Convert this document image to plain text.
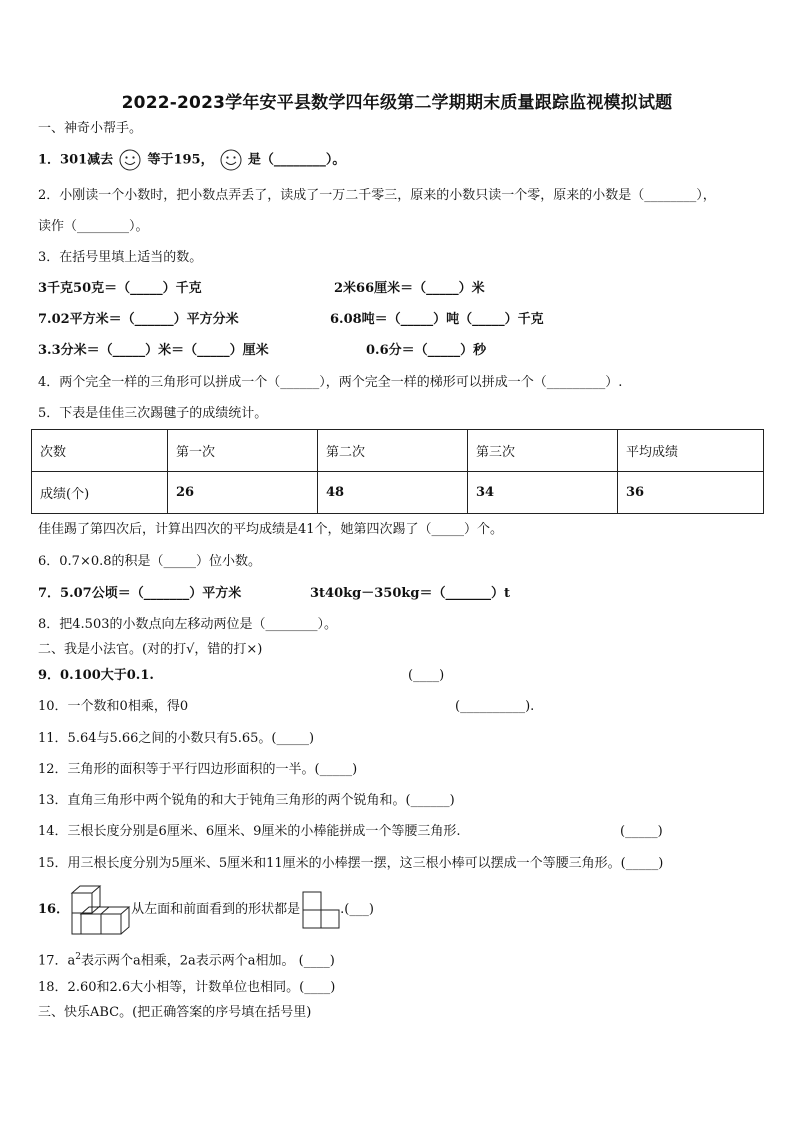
2022-2023学年安平县数学四年级第二学期期末质量跟踪监视模拟试题
一、神奇小帮手。
1．301减去	等于195，	是（________）。
2．小刚读一个小数时，把小数点弄丢了，读成了一万二千零三，原来的小数只读一个零，原来的小数是（________），
读作（________）。
3．在括号里填上适当的数。
3千克50克＝（_____）千克	2米66厘米＝（_____）米
7.02平方米＝（______）平方分米	6.08吨＝（_____）吨（_____）千克
3.3分米＝（_____）米＝（_____）厘米	0.6分＝（_____）秒
4．两个完全一样的三角形可以拼成一个（______），两个完全一样的梯形可以拼成一个（_________）.
5．下表是佳佳三次踢毽子的成绩统计。
次数	第一次	第二次	第三次	平均成绩
成绩(个)	26	48	34	36
佳佳踢了第四次后，计算出四次的平均成绩是41个，她第四次踢了（_____）个。
6．0.7×0.8的积是（_____）位小数。
7．5.07公顷＝（_______）平方米	3t40kg－350kg＝（_______）t
8．把4.503的小数点向左移动两位是（________）。
二、我是小法官。(对的打√，错的打×)
9．0.100大于0.1.	(____)
10．一个数和0相乘，得0	(__________).
11．5.64与5.66之间的小数只有5.65。(_____)
12．三角形的面积等于平行四边形面积的一半。(_____)
13．直角三角形中两个锐角的和大于钝角三角形的两个锐角和。(______)
14．三根长度分别是6厘米、6厘米、9厘米的小棒能拼成一个等腰三角形.	(_____)
15．用三根长度分别为5厘米、5厘米和11厘米的小棒摆一摆，这三根小棒可以摆成一个等腰三角形。(_____)
16．	从左面和前面看到的形状都是	.(___)
17．$a^2$表示两个a相乘，2a表示两个a相加。 (____)
18．2.60和2.6大小相等，计数单位也相同。(____)
三、快乐ABC。(把正确答案的序号填在括号里)
